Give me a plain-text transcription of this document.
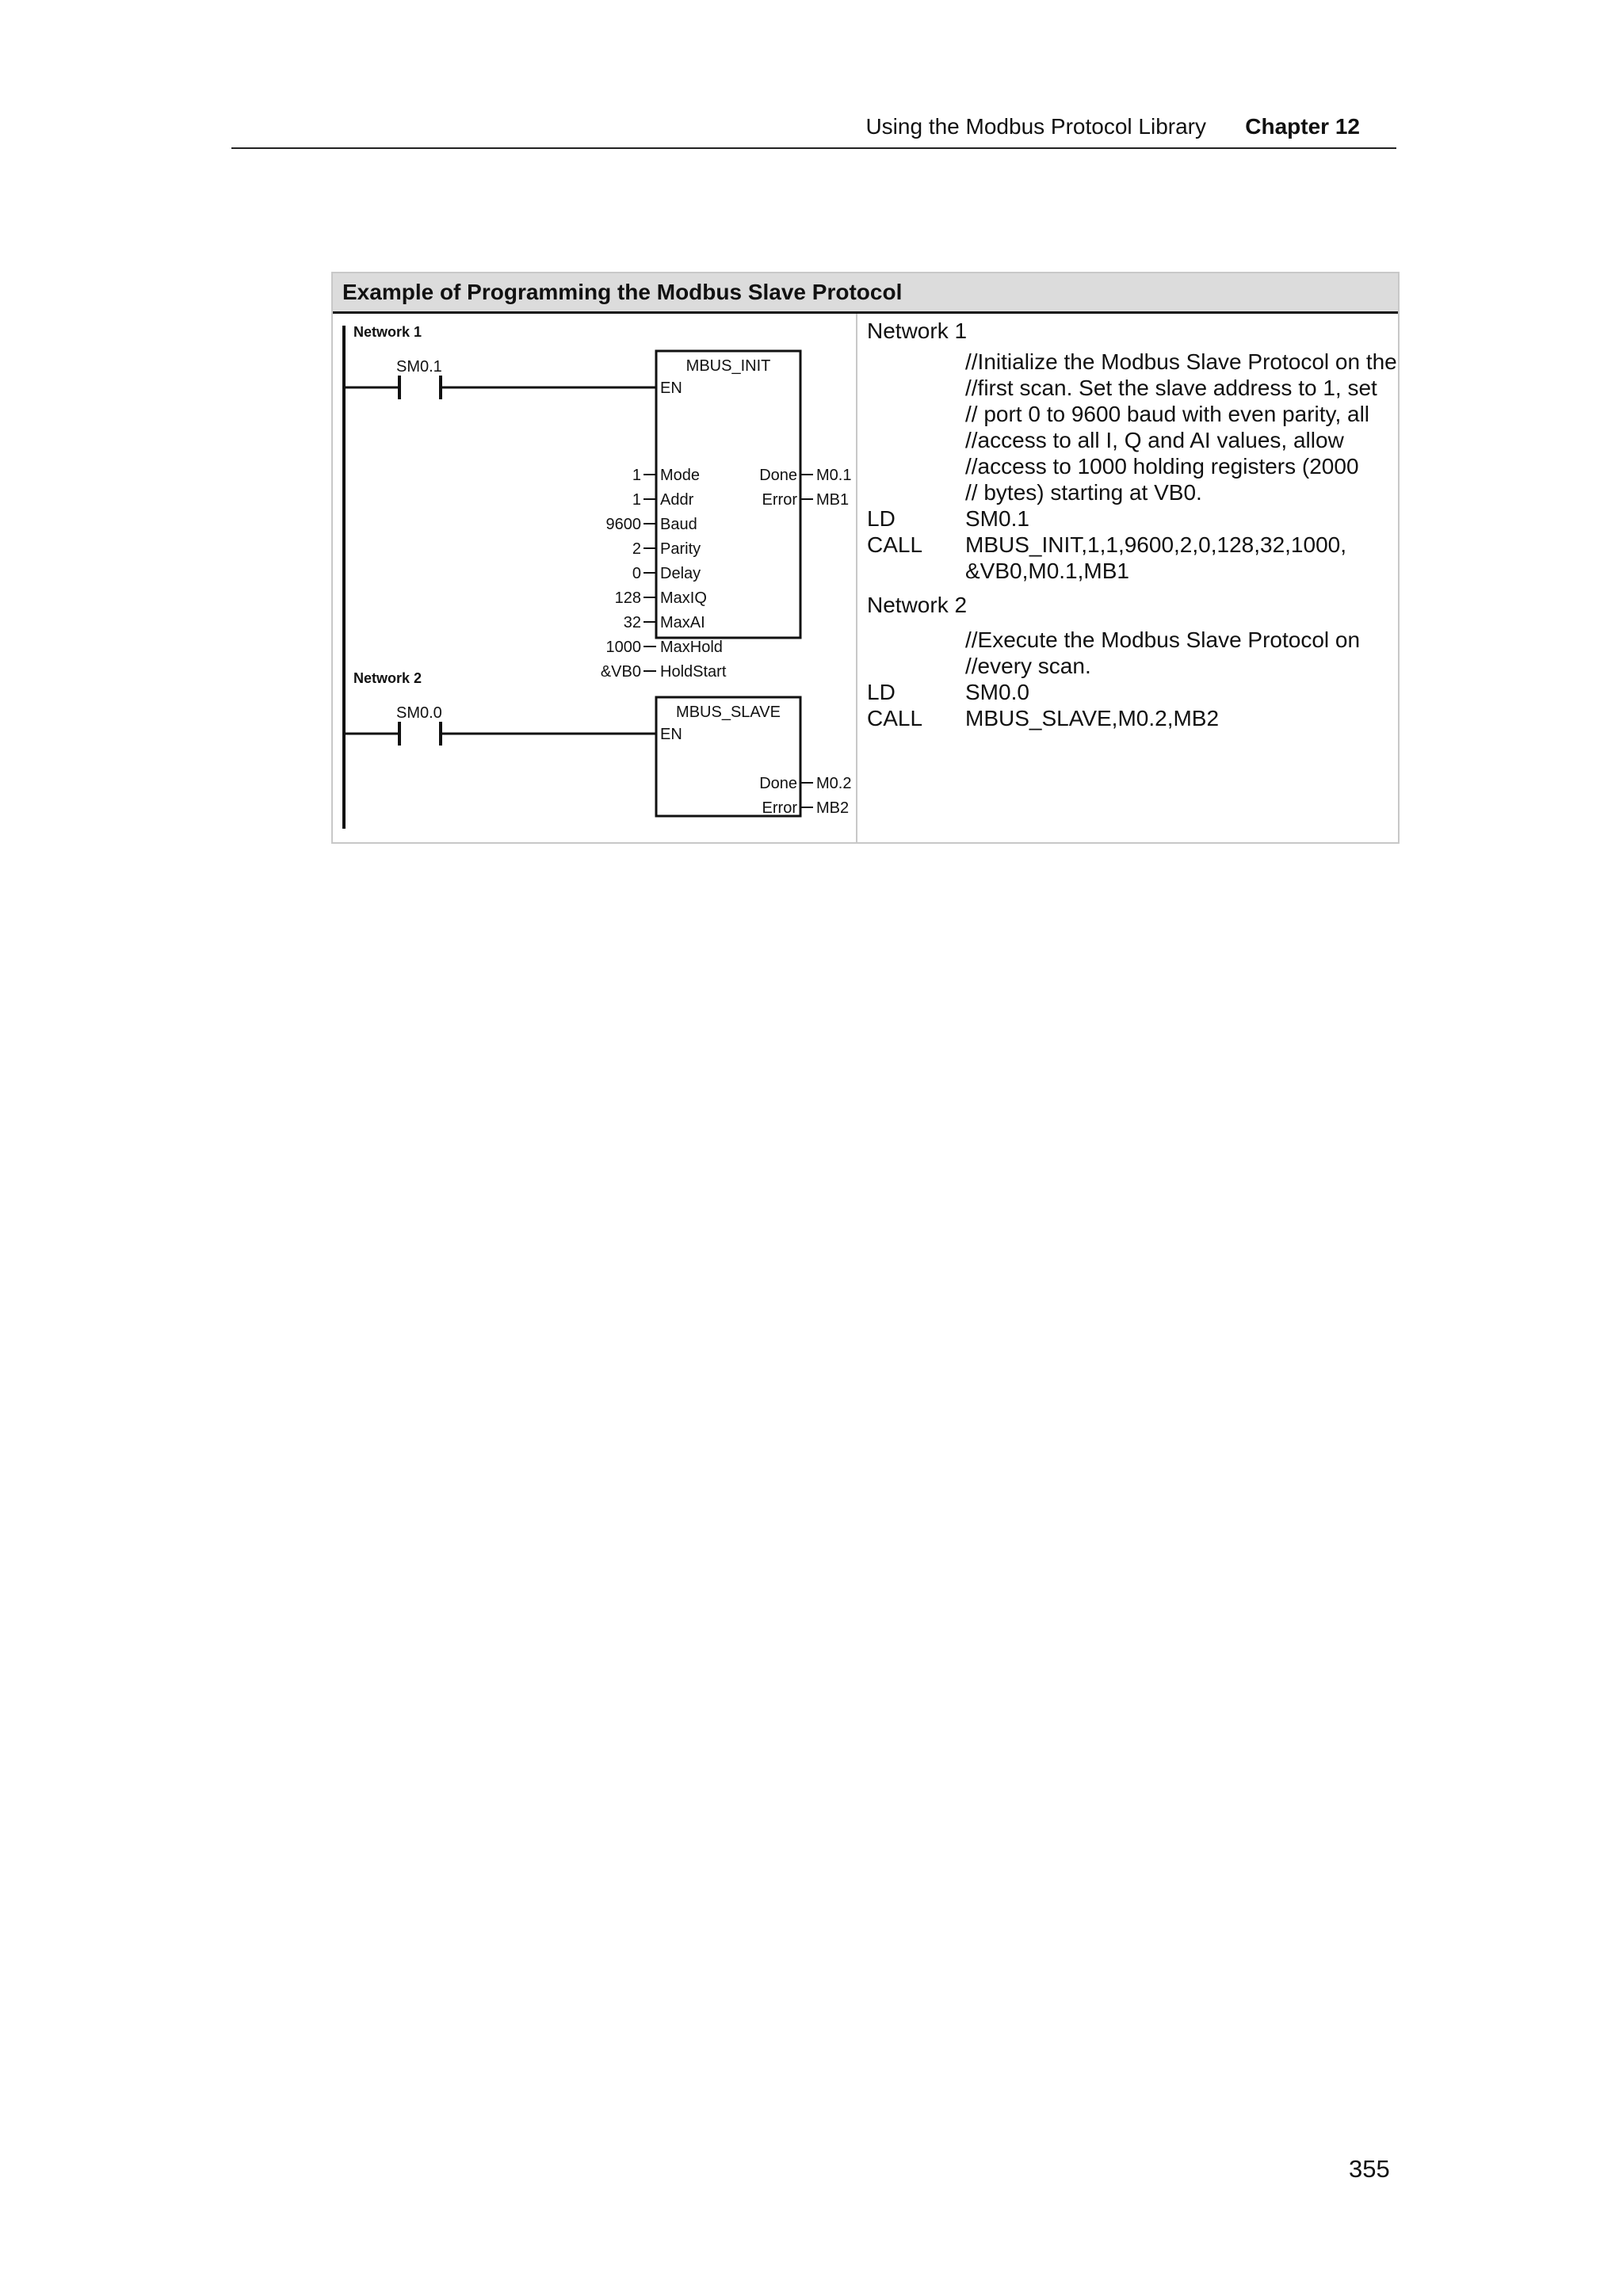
Using the Modbus Protocol Library Chapter 12
Example of Programming the Modbus Slave Protocol
Network 1
SM0.1	MBUS_INIT
EN
1 Mode
1 Addr
9600 Baud
2 Parity
0 Delay
128 MaxIQ
32 MaxAI
1000 MaxHold
&VB0 HoldStart
Done M0.1
Error MB1
Network 2
SM0.0	MBUS_SLAVE
EN
Done M0.2
Error MB2
Network 1
//Initialize the Modbus Slave Protocol on the
//first scan. Set the slave address to 1, set
// port 0 to 9600 baud with even parity, all
//access to all I, Q and AI values, allow
//access to 1000 holding registers (2000
// bytes) starting at VB0.
LD	SM0.1
CALL MBUS_INIT,1,1,9600,2,0,128,32,1000,
&VB0,M0.1,MB1
Network 2
//Execute the Modbus Slave Protocol on
//every scan.
LD	SM0.0
CALL MBUS_SLAVE,M0.2,MB2
355
